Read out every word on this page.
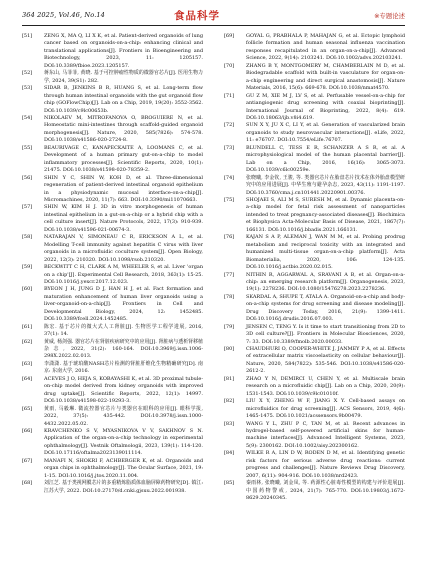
364 2025, Vol.46, No.14	食品科学	※专题论述

[51] ZENG X, MA Q, LI X K, et al. Patient-derived organoids of lung cancer based on organoids-on-a-chip: enhancing clinical and translational applications[J]. Frontiers in Bioengineering and Biotechnology, 2023, 11: 1205157. DOI:10.3389/fbioe.2023.1205157.

[52] 蒋东山, 马菲菲, 黄晓. 基于可控肿瘤性物质的微器官芯片[J]. 医用生物力学, 2024, 39(S1): 282.

[53] SIDAR B, JENKINS B R, HUANG S, et al. Long-term flow through human intestinal organoids with the gut organoid flow chip (GOFlowChip)[J]. Lab on a Chip, 2019, 19(20): 3552-3562. DOI:10.1039/c9lc00653b.

[54] NIKOLAEV M, MITROFANOVA O, BROGUIERE N, et al. Homeostatic mini-intestines through scaffold-guided organoid morphogenesis[J]. Nature, 2020, 585(7826): 574-578. DOI:10.1038/s41586-020-2724-8.

[55] BEAURIVAGE C, KANAPECKAITE A, LOOMANS C, et al. Development of a human primary gut-on-a-chip to model inflammatory processes[J]. Scientific Reports, 2020, 10(1): 21475. DOI:10.1038/s41598-020-78359-2.

[56] SHIN Y C, SHIN W, KOH D, et al. Three-dimensional regeneration of patient-derived intestinal organoid epithelium in a physiodynamic mucosal interface-on-a-chip[J]. Micromachines, 2020, 11(7): 663. DOI:10.3390/mi11070663.

[57] SHIN W, KIM H J. 3D in vitro morphogenesis of human intestinal epithelium in a gut-on-a-chip or a hybrid chip with a cell culture insert[J]. Nature Protocols, 2022, 17(3): 910-939. DOI:10.1038/s41596-021-00674-3.

[58] NATARAJAN V, SIMONEAU C R, ERICKSON A L, et al. Modelling T-cell immunity against hepatitis C virus with liver organoids in a microfluidic coculture system[J]. Open Biology, 2022, 12(3): 210320. DOI:10.1098/rsob.210320.

[59] BECKWITT C H, CLARK A M, WHEELER S, et al. Liver 'organ on a chip'[J]. Experimental Cell Research, 2018, 363(1): 15-25. DOI:10.1016/j.yexcr.2017.12.023.

[60] BYEON J H, JUNG D J, HAN H J, et al. Fact formation and maturation enhancement of human liver organoids using a liver-organoid-on-a-chip[J]. Frontiers in Cell and Developmental Biology, 2024, 12: 1452485. DOI:10.3389/fcell.2024.1452485.

[61] 陈宏. 基于芯片的微大式人工肾脏[J]. 生物医学工程学进展, 2016, 37(1): 14.

[62] 黄威, 杨剑强. 器官芯片在肾脏疾病研究中的应用[J]. 肾脏病与透析肾移植杂志, 2022, 31(2): 160-164. DOI:10.3969/j.issn.1006-298X.2022.02.013.

[63] 李潇潇. 基于琥珀酸NASH芯片检测的肾脏肝维化生物精确研究[D]. 南京: 东南大学, 2016.

[64] ACEVES J O, HEJA S, KOBAYASHI K, et al. 3D proximal tubule-on-chip model derived from kidney organoids with improved drug uptake[J]. Scientific Reports, 2022, 12(1): 14997. DOI:10.1038/s41598-022-19293-3.

[65] 黄雨, 马毅琳. 微流控器官芯片与类器官在眼科的应用[J]. 眼科学报, 2022, 37(5): 435-442. DOI:10.3978/j.issn.1000-4432.2022.05.02.

[66] KRAVCHENKO S V, MYASNIKOVA V V, SAKHNOV S N. Application of the organ-on-a-chip technology in experimental ophthalmology[J]. Vestnik Oftalmologii, 2023, 139(1): 114-120. DOI:10.17116/oftalma2023139011114.

[67] MANAFI N, SHOKRI F, ACHBERGER K, et al. Organoids and organ chips in ophthalmology[J]. The Ocular Surface, 2021, 19: 1-15. DOI:10.1016/j.jtos.2020.11.004.

[68] 刘江芝. 基于类视网膜芯片的多重精炼脂质体血脑屏障药物研究[D]. 镇江: 江苏大学, 2022. DOI:10.27170/d.cnki.gjsuu.2022.001938.

[69] GOYAL G, PRABHALA P, MAHAJAN G, et al. Ectopic lymphoid follicle formation and human seasonal influenza vaccination responses recapitulated in an organ-on-a-chip[J]. Advanced Science, 2022, 9(14): 2103241. DOI:10.1002/advs.202103241.

[70] ZHANG B Y, MONTGOMERY M, CHAMBERLAIN M D, et al. Biodegradable scaffold with built-in vasculature for organ-on-a-chip engineering and direct surgical anastomosis[J]. Nature Materials, 2016, 15(6): 669-678. DOI:10.1038/nmat4570.

[71] GU Z M, XIE M J, LV S, et al. Perfusable vessel-on-a-chip for antiangiogenic drug screening with coaxial bioprinting[J]. International Journal of Bioprinting, 2022, 8(4): 619. DOI:10.18063/ijb.v8i4.619.

[72] SUN X Y, JU X C, LI Y, et al. Generation of vascularized brain organoids to study neurovascular interactions[J]. eLife, 2022, 11: e76707. DOI:10.7554/eLife.76707.

[73] BLUNDELL C, TESS E R, SCHANZER A S R, et al. A microphysiological model of the human placental barrier[J]. Lab on a Chip, 2016, 16(16): 3065-3073. DOI:10.1039/c6lc00259e.

[74] 张晓曦, 李金钦, 王骏, 等. 类器官芯片在胎盘芯片技术在体外胎盘模型研究中的应用进展[J]. 中华生殖与避孕杂志, 2023, 43(11): 1191-1197. DOI:10.3760/cma.j.cn101441.20220901.00376.

[75] SHOJAEI S, ALI M S, SURESH M, et al. Dynamic placenta-on-a-chip model for fetal risk assessment of nanoparticles intended to treat pregnancy-associated diseases[J]. Biochimica et Biophysica Acta-Molecular Basis of Disease, 2021, 1867(7): 166131. DOI:10.1016/j.bbadis.2021.166131.

[76] KAJAN S A P, ALEMAN J, WAN M M, et al. Probing prodrug metabolism and reciprocal toxicity with an integrated and humanized multi-tissue organ-on-a-chip platform[J]. Acta Biomaterialia, 2020, 106: 124-135. DOI:10.1016/j.actbio.2020.02.015.

[77] NITHIN R, AGGARWAL A, SRAVANI A B, et al. Organ-on-a-chip: an emerging research platform[J]. Organogenesis, 2023, 19(1): 2278236. DOI:10.1080/15476278.2023.2278236.

[78] SKARDAL A, SHUPE T, ATALA A. Organoid-on-a-chip and body-on-a-chip systems for drug screening and disease modeling[J]. Drug Discovery Today, 2016, 21(9): 1399-1411. DOI:10.1016/j.drudis.2016.07.003.

[79] JENSEN C, TENG Y. Is it time to start transitioning from 2D to 3D cell culture?[J]. Frontiers in Molecular Biosciences, 2020, 7: 33. DOI:10.3389/fmolb.2020.00033.

[80] CHAUDHURI O, COOPER-WHITE J, JANMEY P A, et al. Effects of extracellular matrix viscoelasticity on cellular behaviour[J]. Nature, 2020, 584(7822): 535-546. DOI:10.1038/s41586-020-2612-2.

[81] ZHAO Y N, DEMIRCI U, CHEN Y, et al. Multiscale brain research on a microfluidic chip[J]. Lab on a Chip, 2020, 20(9): 1531-1543. DOI:10.1039/c9lc01010f.

[82] LIU X Y, ZHENG W F, JIANG X Y. Cell-based assays on microfluidics for drug screening[J]. ACS Sensors, 2019, 4(6): 1465-1475. DOI:10.1021/acssensors.9b00479.

[83] WANG Y L, ZHU P C, TAN M, et al. Recent advances in hydrogel-based self-powered artificial skins for human-machine interfaces[J]. Advanced Intelligent Systems, 2023, 5(9): 2300162. DOI:10.1002/aisy.202300162.

[84] WILKE R A, LIN D W, RODEN D M, et al. Identifying genetic risk factors for serious adverse drug reactions: current progress and challenges[J]. Nature Reviews Drug Discovery, 2007, 6(11): 904-916. DOI:10.1038/nrd2423.

[85] 秦雨林, 张晓曦, 刘金凤, 等. 药源性心脏毒性模型的构建与评价进展[J]. 中国药物警戒, 2024, 21(7): 765-770. DOI:10.19803/j.1672-8629.20240345.
